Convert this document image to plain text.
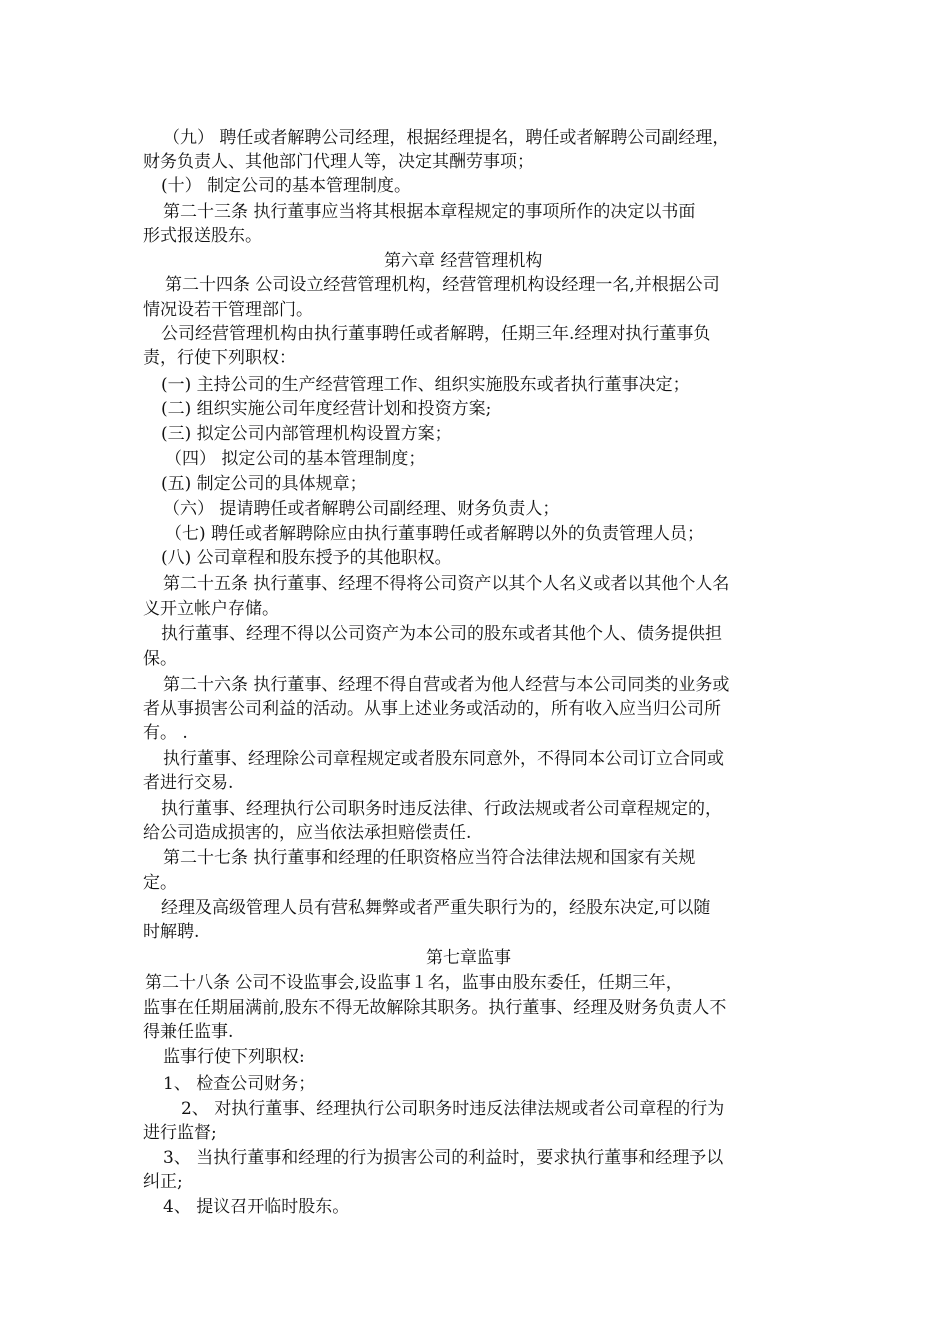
（九） 聘任或者解聘公司经理，根据经理提名，聘任或者解聘公司副经理，
财务负责人、其他部门代理人等，决定其酬劳事项；
(十） 制定公司的基本管理制度。
第二十三条 执行董事应当将其根据本章程规定的事项所作的决定以书面
形式报送股东。
第六章 经营管理机构
第二十四条 公司设立经营管理机构，经营管理机构设经理一名,并根据公司
情况设若干管理部门。
公司经营管理机构由执行董事聘任或者解聘，任期三年.经理对执行董事负
责，行使下列职权：
(一) 主持公司的生产经营管理工作、组织实施股东或者执行董事决定；
(二) 组织实施公司年度经营计划和投资方案;
(三) 拟定公司内部管理机构设置方案；
（四） 拟定公司的基本管理制度；
(五) 制定公司的具体规章；
（六） 提请聘任或者解聘公司副经理、财务负责人；
（七) 聘任或者解聘除应由执行董事聘任或者解聘以外的负责管理人员；
(八) 公司章程和股东授予的其他职权。
第二十五条 执行董事、经理不得将公司资产以其个人名义或者以其他个人名
义开立帐户存储。
执行董事、经理不得以公司资产为本公司的股东或者其他个人、债务提供担
保。
第二十六条 执行董事、经理不得自营或者为他人经营与本公司同类的业务或
者从事损害公司利益的活动。从事上述业务或活动的，所有收入应当归公司所
有。 .
执行董事、经理除公司章程规定或者股东同意外，不得同本公司订立合同或
者进行交易.
执行董事、经理执行公司职务时违反法律、行政法规或者公司章程规定的，
给公司造成损害的，应当依法承担赔偿责任.
第二十七条 执行董事和经理的任职资格应当符合法律法规和国家有关规
定。
经理及高级管理人员有营私舞弊或者严重失职行为的，经股东决定,可以随
时解聘.
第七章监事
第二十八条 公司不设监事会,设监事１名，监事由股东委任，任期三年，
监事在任期届满前,股东不得无故解除其职务。执行董事、经理及财务负责人不
得兼任监事.
监事行使下列职权:
1、 检查公司财务；
2、 对执行董事、经理执行公司职务时违反法律法规或者公司章程的行为
进行监督;
3、 当执行董事和经理的行为损害公司的利益时，要求执行董事和经理予以
纠正;
4、 提议召开临时股东。
